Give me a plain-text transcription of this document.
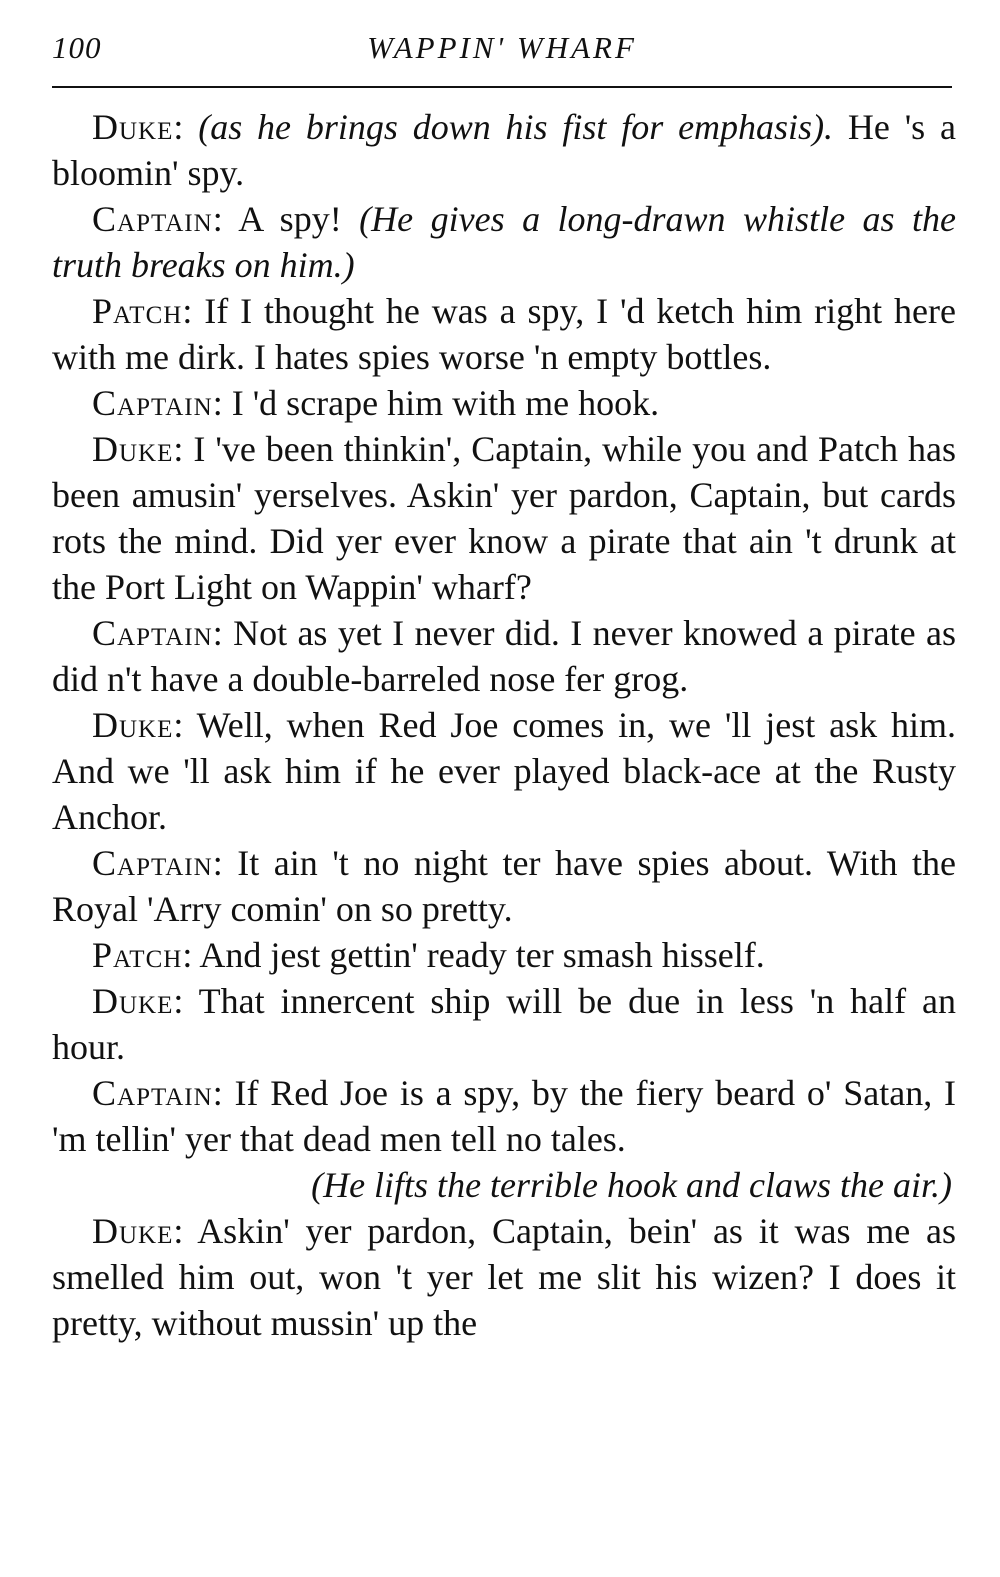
100	WAPPIN' WHARF

Duke: (as he brings down his fist for emphasis). He 's a bloomin' spy.

Captain: A spy! (He gives a long-drawn whistle as the truth breaks on him.)

Patch: If I thought he was a spy, I 'd ketch him right here with me dirk. I hates spies worse 'n empty bottles.

Captain: I 'd scrape him with me hook.

Duke: I 've been thinkin', Captain, while you and Patch has been amusin' yerselves. Askin' yer pardon, Captain, but cards rots the mind. Did yer ever know a pirate that ain 't drunk at the Port Light on Wappin' wharf?

Captain: Not as yet I never did. I never knowed a pirate as did n't have a double-barreled nose fer grog.

Duke: Well, when Red Joe comes in, we 'll jest ask him. And we 'll ask him if he ever played black-ace at the Rusty Anchor.

Captain: It ain 't no night ter have spies about. With the Royal 'Arry comin' on so pretty.

Patch: And jest gettin' ready ter smash hisself.

Duke: That innercent ship will be due in less 'n half an hour.

Captain: If Red Joe is a spy, by the fiery beard o' Satan, I 'm tellin' yer that dead men tell no tales.

(He lifts the terrible hook and claws the air.)

Duke: Askin' yer pardon, Captain, bein' as it was me as smelled him out, won 't yer let me slit his wizen? I does it pretty, without mussin' up the
